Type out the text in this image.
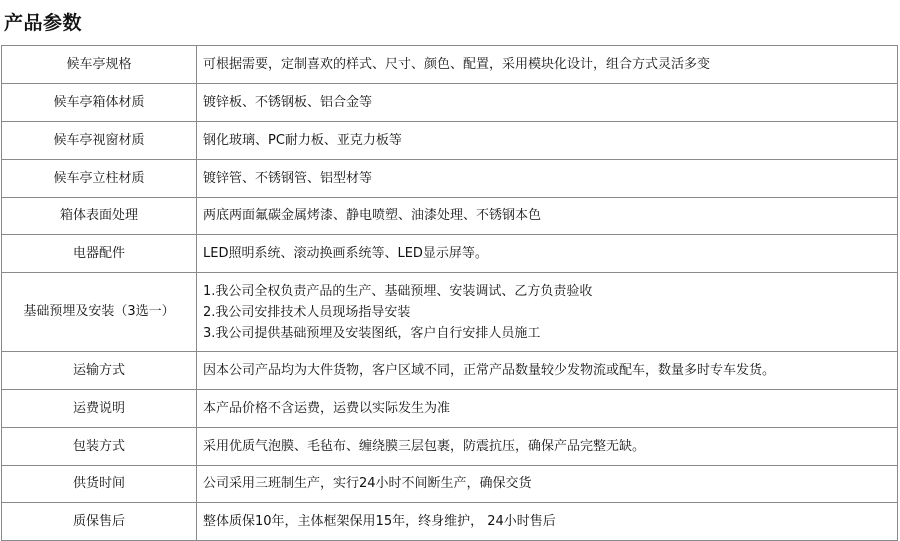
产品参数
候车亭规格	可根据需要，定制喜欢的样式、尺寸、颜色、配置，采用模块化设计，组合方式灵活多变
候车亭箱体材质	镀锌板、不锈钢板、铝合金等
候车亭视窗材质	钢化玻璃、PC耐力板、亚克力板等
候车亭立柱材质	镀锌管、不锈钢管、铝型材等
箱体表面处理	两底两面氟碳金属烤漆、静电喷塑、油漆处理、不锈钢本色
电器配件	LED照明系统、滚动换画系统等、LED显示屏等。
基础预埋及安装（3选一）	1.我公司全权负责产品的生产、基础预埋、安装调试、乙方负责验收
2.我公司安排技术人员现场指导安装
3.我公司提供基础预埋及安装图纸，客户自行安排人员施工

运输方式	因本公司产品均为大件货物，客户区域不同，正常产品数量较少发物流或配车，数量多时专车发货。
运费说明	本产品价格不含运费，运费以实际发生为准
包装方式	采用优质气泡膜、毛毡布、缠绕膜三层包裹，防震抗压，确保产品完整无缺。
供货时间	公司采用三班制生产，实行24小时不间断生产，确保交货
质保售后	整体质保10年，主体框架保用15年，终身维护， 24小时售后
